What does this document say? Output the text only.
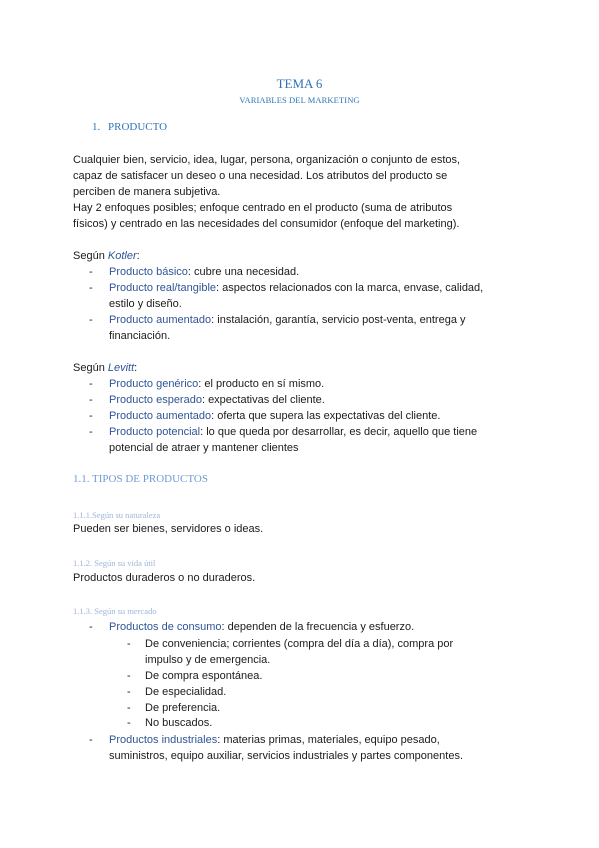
TEMA 6
VARIABLES DEL MARKETING
1. PRODUCTO
Cualquier bien, servicio, idea, lugar, persona, organización o conjunto de estos,
capaz de satisfacer un deseo o una necesidad. Los atributos del producto se
perciben de manera subjetiva.
Hay 2 enfoques posibles; enfoque centrado en el producto (suma de atributos
físicos) y centrado en las necesidades del consumidor (enfoque del marketing).
Según Kotler:
- Producto básico: cubre una necesidad.
- Producto real/tangible: aspectos relacionados con la marca, envase, calidad,
estilo y diseño.
- Producto aumentado: instalación, garantía, servicio post-venta, entrega y
financiación.
Según Levitt:
- Producto genérico: el producto en sí mismo.
- Producto esperado: expectativas del cliente.
- Producto aumentado: oferta que supera las expectativas del cliente.
- Producto potencial: lo que queda por desarrollar, es decir, aquello que tiene
potencial de atraer y mantener clientes
1.1. TIPOS DE PRODUCTOS
1.1.1.Según su naturaleza
Pueden ser bienes, servidores o ideas.
1.1.2. Según su vida útil
Productos duraderos o no duraderos.
1.1.3. Según su mercado
- Productos de consumo: dependen de la frecuencia y esfuerzo.
- De conveniencia; corrientes (compra del día a día), compra por
impulso y de emergencia.
- De compra espontánea.
- De especialidad.
- De preferencia.
- No buscados.
- Productos industriales: materias primas, materiales, equipo pesado,
suministros, equipo auxiliar, servicios industriales y partes componentes.
